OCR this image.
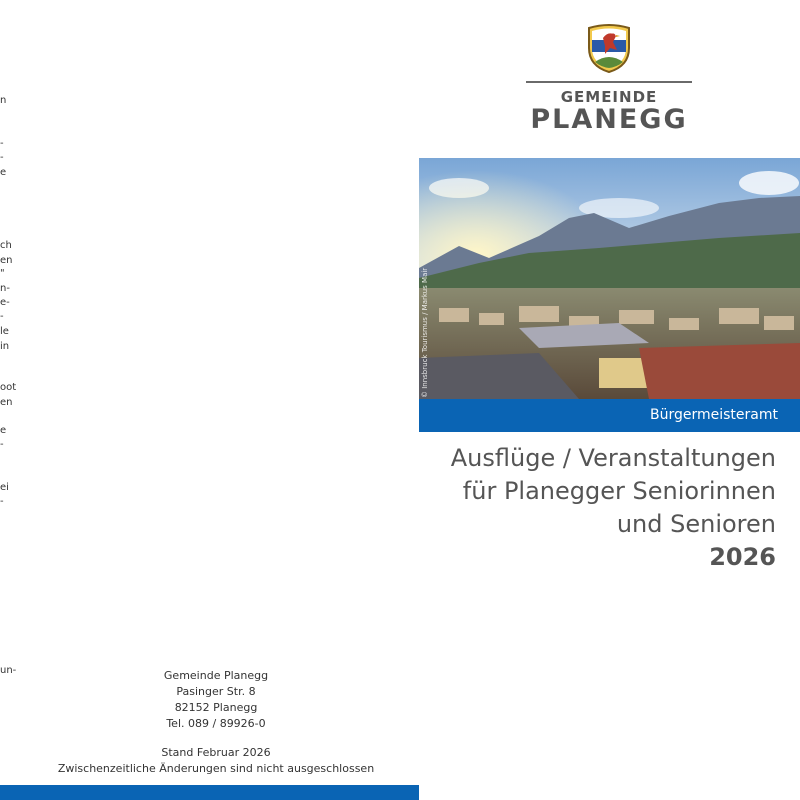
n
-
-
e
ch
en
"
n-
e-
-
le
in
oot
en
e
-
ei
-
un-	Gemeinde Planegg
Pasinger Str. 8
82152 Planegg
Tel. 089 / 89926-0
Stand Februar 2026
Zwischenzeitliche Änderungen sind nicht ausgeschlossen
GEMEINDE
PLANEGG
© Innsbruck Tourismus / Markus Mair
Bürgermeisteramt
Ausflüge / Veranstaltungen
für Planegger Seniorinnen
und Senioren
2026
